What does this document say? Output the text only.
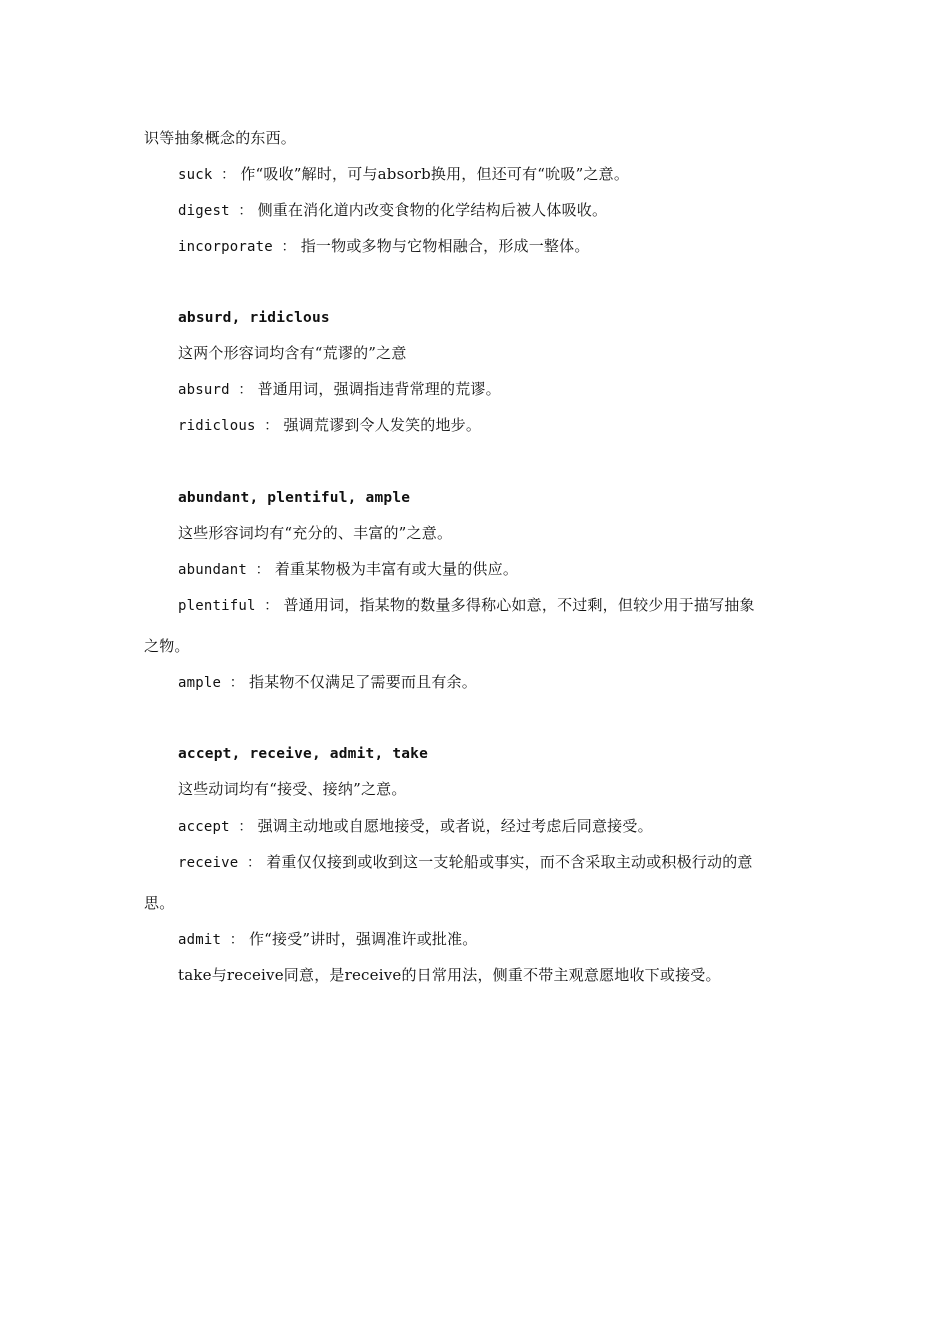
识等抽象概念的东西。
suck ： 作“吸收”解时，可与absorb换用，但还可有“吮吸”之意。
digest ： 侧重在消化道内改变食物的化学结构后被人体吸收。
incorporate ： 指一物或多物与它物相融合，形成一整体。
absurd, ridiclous
这两个形容词均含有“荒谬的”之意
absurd ： 普通用词，强调指违背常理的荒谬。
ridiclous ： 强调荒谬到令人发笑的地步。
abundant, plentiful, ample
这些形容词均有“充分的、丰富的”之意。
abundant ： 着重某物极为丰富有或大量的供应。
plentiful ： 普通用词，指某物的数量多得称心如意，不过剩，但较少用于描写抽象
之物。
ample ： 指某物不仅满足了需要而且有余。
accept, receive, admit, take
这些动词均有“接受、接纳”之意。
accept ： 强调主动地或自愿地接受，或者说，经过考虑后同意接受。
receive ： 着重仅仅接到或收到这一支轮船或事实，而不含采取主动或积极行动的意
思。
admit ： 作“接受”讲时，强调准许或批准。
take与receive同意，是receive的日常用法，侧重不带主观意愿地收下或接受。
